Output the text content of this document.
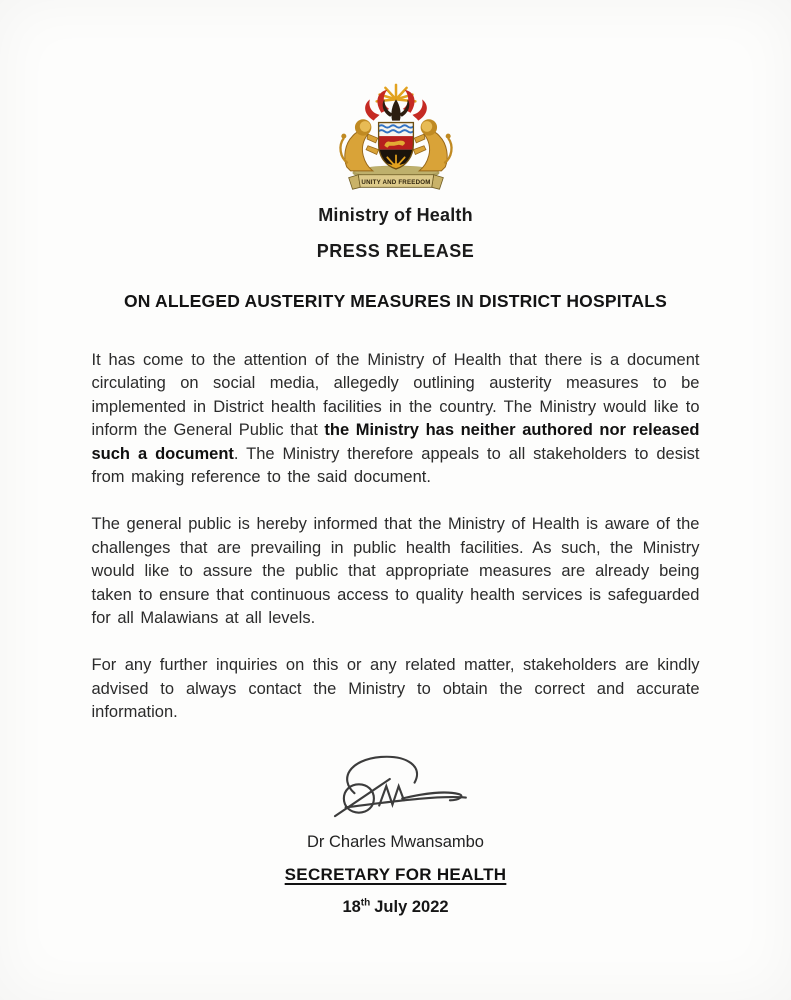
UNITY AND FREEDOM
Ministry of Health
PRESS RELEASE
ON ALLEGED AUSTERITY MEASURES IN DISTRICT HOSPITALS

It has come to the attention of the Ministry of Health that there is a document circulating on social media, allegedly outlining austerity measures to be implemented in District health facilities in the country. The Ministry would like to inform the General Public that the Ministry has neither authored nor released such a document. The Ministry therefore appeals to all stakeholders to desist from making reference to the said document.

The general public is hereby informed that the Ministry of Health is aware of the challenges that are prevailing in public health facilities. As such, the Ministry would like to assure the public that appropriate measures are already being taken to ensure that continuous access to quality health services is safeguarded for all Malawians at all levels.

For any further inquiries on this or any related matter, stakeholders are kindly advised to always contact the Ministry to obtain the correct and accurate information.

Dr Charles Mwansambo
SECRETARY FOR HEALTH
18th July 2022
